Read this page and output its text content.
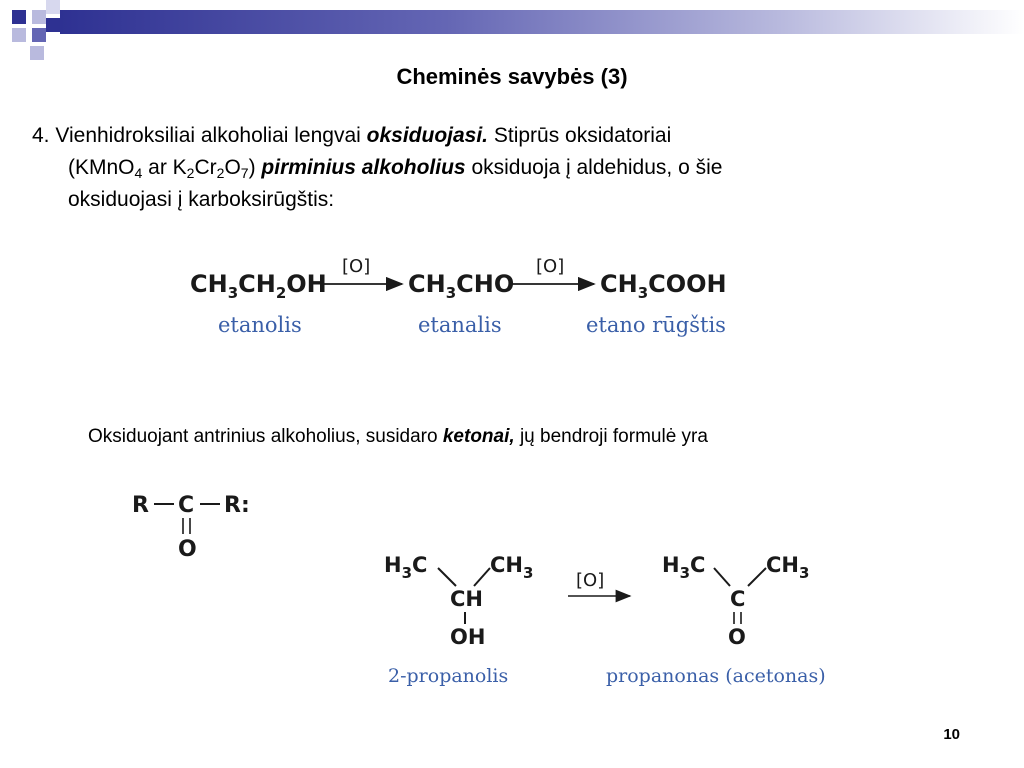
Cheminės savybės (3)
4. Vienhidroksiliai alkoholiai lengvai oksiduojasi. Stiprūs oksidatoriai
(KMnO$_4$ ar $K_2Cr_2O_7$) pirminius alkoholius oksiduoja į aldehidus, o šie
oksiduojasi į karboksirūgštis:
$CH_3CH_2OH$
[O]
$CH_3CHO$
[O]
$CH_3COOH$
etanolis	etanalis	etano rūgštis
Oksiduojant antrinius alkoholius, susidaro ketonai, jų bendroji formulė yra
R C R:
O
$H_3C$	$CH_3$
CH
OH
[O]
$H_3C$	$CH_3$
C
O
2-propanolis	propanonas (acetonas)
10
